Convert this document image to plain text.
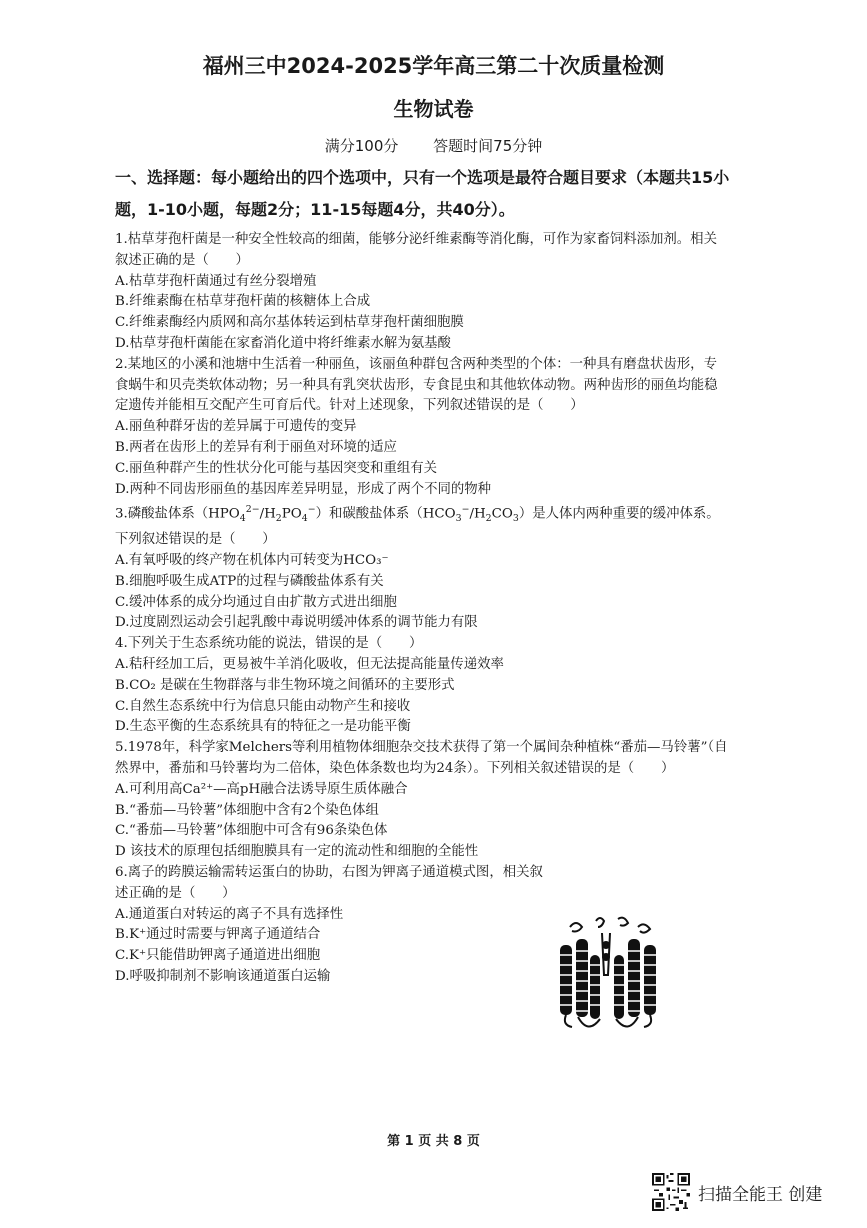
福州三中2024-2025学年高三第二十次质量检测
生物试卷
满分100分 答题时间75分钟
一、选择题：每小题给出的四个选项中，只有一个选项是最符合题目要求（本题共15小题，1-10小题，每题2分；11-15每题4分，共40分）。

1.枯草芽孢杆菌是一种安全性较高的细菌，能够分泌纤维素酶等消化酶，可作为家畜饲料添加剂。相关叙述正确的是（　　）

A.枯草芽孢杆菌通过有丝分裂增殖

B.纤维素酶在枯草芽孢杆菌的核糖体上合成

C.纤维素酶经内质网和高尔基体转运到枯草芽孢杆菌细胞膜

D.枯草芽孢杆菌能在家畜消化道中将纤维素水解为氨基酸

2.某地区的小溪和池塘中生活着一种丽鱼，该丽鱼种群包含两种类型的个体：一种具有磨盘状齿形，专食蜗牛和贝壳类软体动物；另一种具有乳突状齿形，专食昆虫和其他软体动物。两种齿形的丽鱼均能稳定遗传并能相互交配产生可育后代。针对上述现象，下列叙述错误的是（　　）

A.丽鱼种群牙齿的差异属于可遗传的变异

B.两者在齿形上的差异有利于丽鱼对环境的适应

C.丽鱼种群产生的性状分化可能与基因突变和重组有关

D.两种不同齿形丽鱼的基因库差异明显，形成了两个不同的物种

3.磷酸盐体系$(HPO_4^{2-}/H_2PO_4^-)$和碳酸盐体系$(HCO_3^-/H_2CO_3)$是人体内两种重要的缓冲体系。下列叙述错误的是（　　）

A.有氧呼吸的终产物在机体内可转变为HCO₃⁻

B.细胞呼吸生成ATP的过程与磷酸盐体系有关

C.缓冲体系的成分均通过自由扩散方式进出细胞

D.过度剧烈运动会引起乳酸中毒说明缓冲体系的调节能力有限

4.下列关于生态系统功能的说法，错误的是（　　）

A.秸秆经加工后，更易被牛羊消化吸收，但无法提高能量传递效率

B.CO₂ 是碳在生物群落与非生物环境之间循环的主要形式

C.自然生态系统中行为信息只能由动物产生和接收

D.生态平衡的生态系统具有的特征之一是功能平衡

5.1978年，科学家Melchers等利用植物体细胞杂交技术获得了第一个属间杂种植株“番茄—马铃薯”（自然界中，番茄和马铃薯均为二倍体，染色体条数也均为24条）。下列相关叙述错误的是（　　）

A.可利用高Ca²⁺—高pH融合法诱导原生质体融合

B.“番茄—马铃薯”体细胞中含有2个染色体组

C.“番茄—马铃薯”体细胞中可含有96条染色体

D 该技术的原理包括细胞膜具有一定的流动性和细胞的全能性

6.离子的跨膜运输需转运蛋白的协助，右图为钾离子通道模式图，相关叙述正确的是（　　）

A.通道蛋白对转运的离子不具有选择性

B.K⁺通过时需要与钾离子通道结合

C.K⁺只能借助钾离子通道进出细胞

D.呼吸抑制剂不影响该通道蛋白运输

第 1 页 共 8 页
扫描全能王 创建
